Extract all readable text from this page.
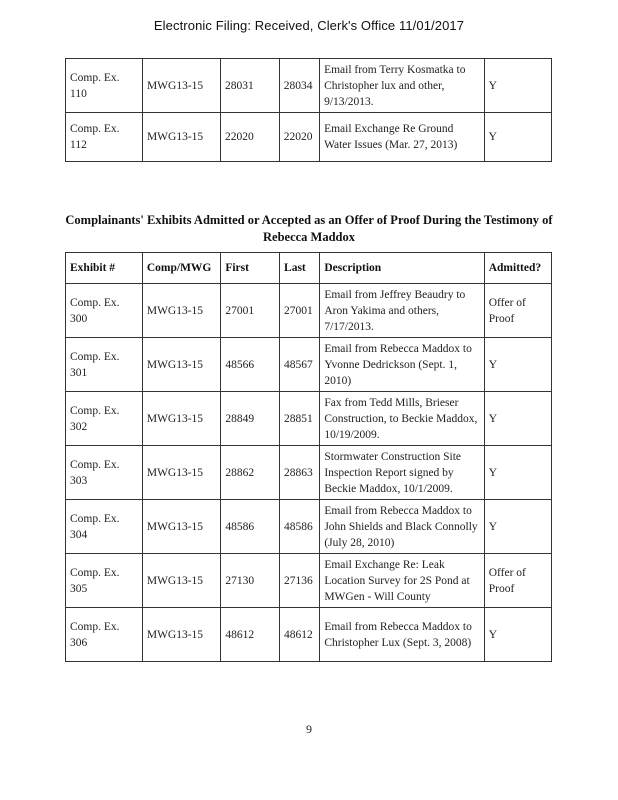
Electronic Filing: Received, Clerk's Office 11/01/2017
Comp. Ex. 110	MWG13-15	28031	28034	Email from Terry Kosmatka to Christopher lux and other, 9/13/2013.	Y
Comp. Ex. 112	MWG13-15	22020	22020	Email Exchange Re Ground Water Issues (Mar. 27, 2013)	Y
Complainants' Exhibits Admitted or Accepted as an Offer of Proof During the Testimony of Rebecca Maddox
Exhibit #	Comp/MWG	First	Last	Description	Admitted?
Comp. Ex. 300	MWG13-15	27001	27001	Email from Jeffrey Beaudry to Aron Yakima and others, 7/17/2013.	Offer of Proof
Comp. Ex. 301	MWG13-15	48566	48567	Email from Rebecca Maddox to Yvonne Dedrickson (Sept. 1, 2010)	Y
Comp. Ex. 302	MWG13-15	28849	28851	Fax from Tedd Mills, Brieser Construction, to Beckie Maddox, 10/19/2009.	Y
Comp. Ex. 303	MWG13-15	28862	28863	Stormwater Construction Site Inspection Report signed by Beckie Maddox, 10/1/2009.	Y
Comp. Ex. 304	MWG13-15	48586	48586	Email from Rebecca Maddox to John Shields and Black Connolly (July 28, 2010)	Y
Comp. Ex. 305	MWG13-15	27130	27136	Email Exchange Re: Leak Location Survey for 2S Pond at MWGen - Will County	Offer of Proof
Comp. Ex. 306	MWG13-15	48612	48612	Email from Rebecca Maddox to Christopher Lux (Sept. 3, 2008)	Y
9
